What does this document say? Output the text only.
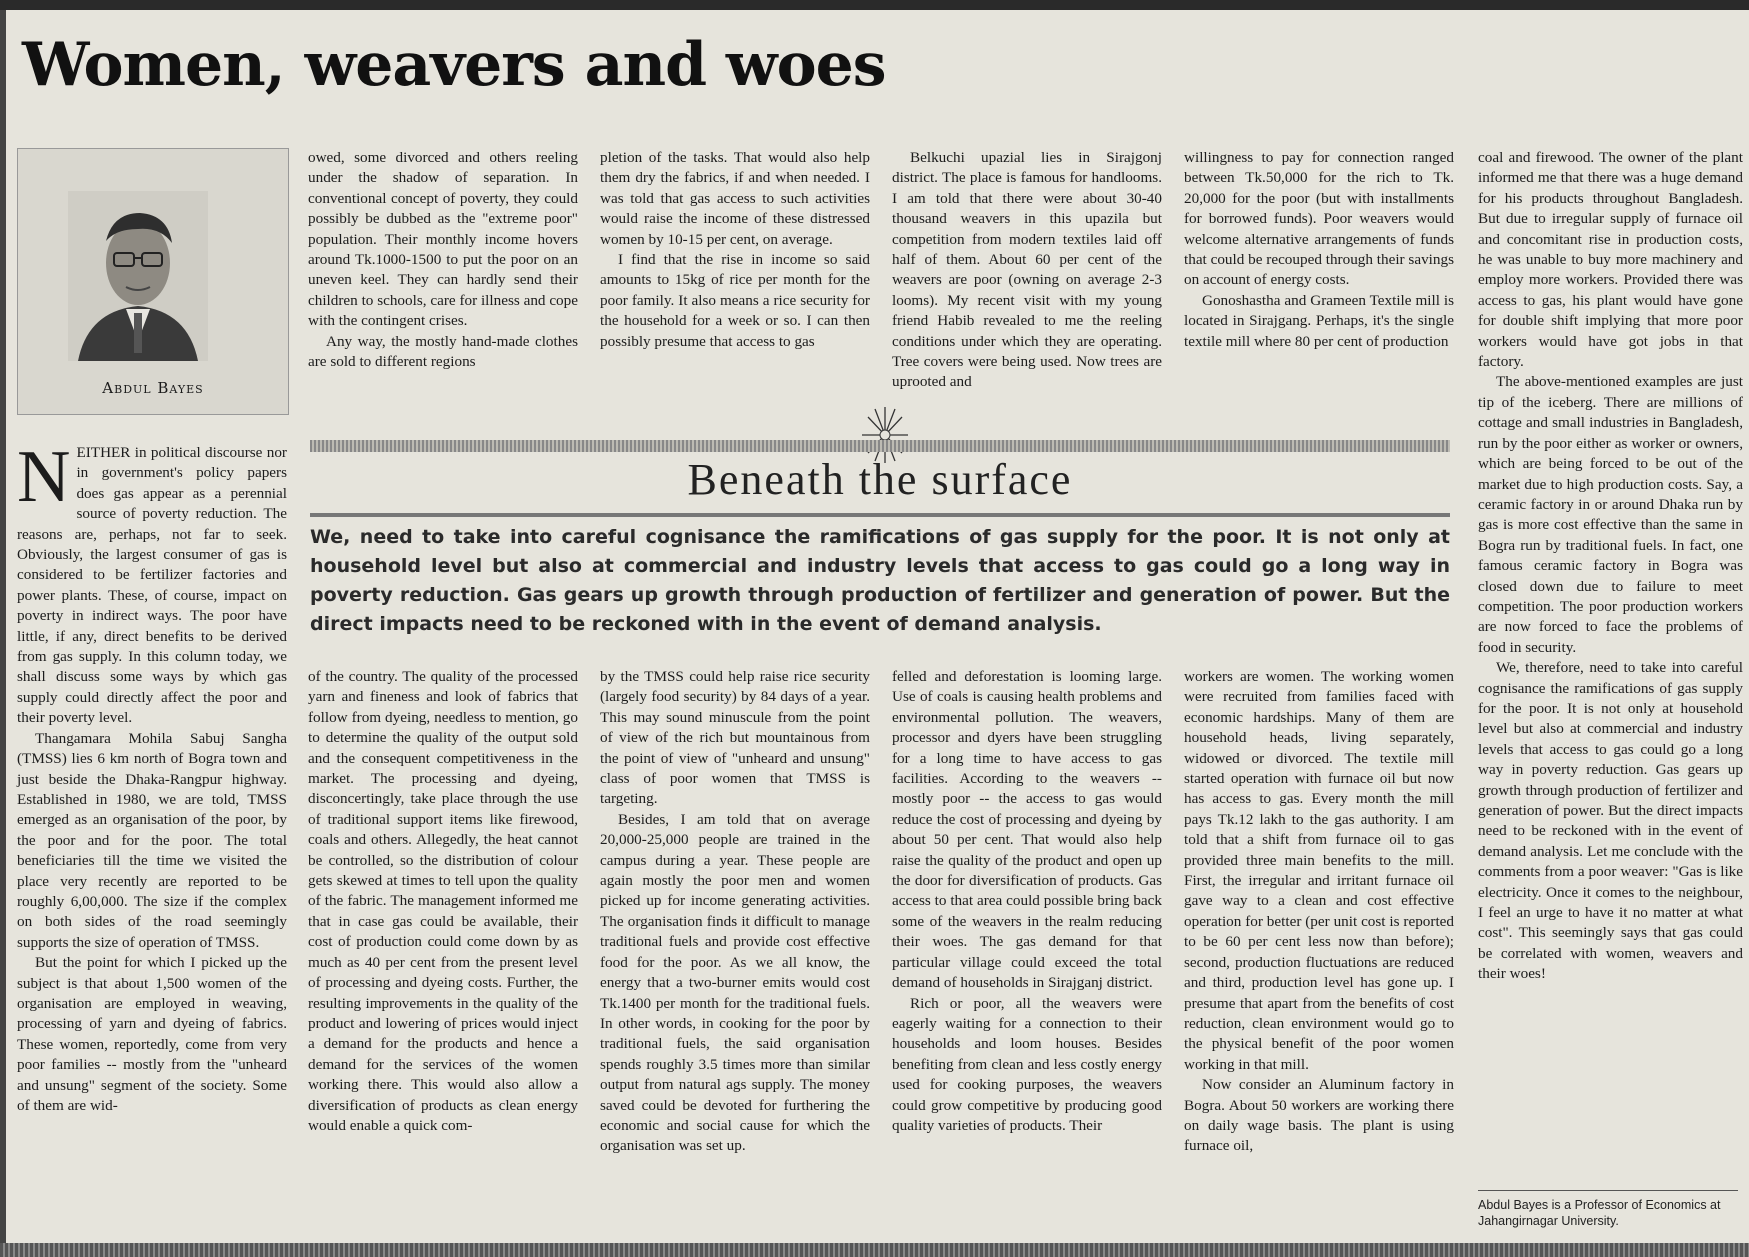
Women, weavers and woes
Abdul Bayes

NEITHER in political discourse nor in government's policy papers does gas appear as a perennial source of poverty reduction. The reasons are, perhaps, not far to seek. Obviously, the largest consumer of gas is considered to be fertilizer factories and power plants. These, of course, impact on poverty in indirect ways. The poor have little, if any, direct benefits to be derived from gas supply. In this column today, we shall discuss some ways by which gas supply could directly affect the poor and their poverty level.

Thangamara Mohila Sabuj Sangha (TMSS) lies 6 km north of Bogra town and just beside the Dhaka-Rangpur highway. Established in 1980, we are told, TMSS emerged as an organisation of the poor, by the poor and for the poor. The total beneficiaries till the time we visited the place very recently are reported to be roughly 6,00,000. The size if the complex on both sides of the road seemingly supports the size of operation of TMSS.

But the point for which I picked up the subject is that about 1,500 women of the organisation are employed in weaving, processing of yarn and dyeing of fabrics. These women, reportedly, come from very poor families -- mostly from the "unheard and unsung" segment of the society. Some of them are wid-

owed, some divorced and others reeling under the shadow of separation. In conventional concept of poverty, they could possibly be dubbed as the "extreme poor" population. Their monthly income hovers around Tk.1000-1500 to put the poor on an uneven keel. They can hardly send their children to schools, care for illness and cope with the contingent crises.

Any way, the mostly hand-made clothes are sold to different regions

pletion of the tasks. That would also help them dry the fabrics, if and when needed. I was told that gas access to such activities would raise the income of these distressed women by 10-15 per cent, on average.

I find that the rise in income so said amounts to 15kg of rice per month for the poor family. It also means a rice security for the household for a week or so. I can then possibly presume that access to gas

Belkuchi upazial lies in Sirajgonj district. The place is famous for handlooms. I am told that there were about 30-40 thousand weavers in this upazila but competition from modern textiles laid off half of them. About 60 per cent of the weavers are poor (owning on average 2-3 looms). My recent visit with my young friend Habib revealed to me the reeling conditions under which they are operating. Tree covers were being used. Now trees are uprooted and

willingness to pay for connection ranged between Tk.50,000 for the rich to Tk. 20,000 for the poor (but with installments for borrowed funds). Poor weavers would welcome alternative arrangements of funds that could be recouped through their savings on account of energy costs.

Gonoshastha and Grameen Textile mill is located in Sirajgang. Perhaps, it's the single textile mill where 80 per cent of production

Beneath the surface
We, need to take into careful cognisance the ramifications of gas supply for the poor. It is not only at household level but also at commercial and industry levels that access to gas could go a long way in poverty reduction. Gas gears up growth through production of fertilizer and generation of power. But the direct impacts need to be reckoned with in the event of demand analysis.

coal and firewood. The owner of the plant informed me that there was a huge demand for his products throughout Bangladesh. But due to irregular supply of furnace oil and concomitant rise in production costs, he was unable to buy more machinery and employ more workers. Provided there was access to gas, his plant would have gone for double shift implying that more poor workers would have got jobs in that factory.

The above-mentioned examples are just tip of the iceberg. There are millions of cottage and small industries in Bangladesh, run by the poor either as worker or owners, which are being forced to be out of the market due to high production costs. Say, a ceramic factory in or around Dhaka run by gas is more cost effective than the same in Bogra run by traditional fuels. In fact, one famous ceramic factory in Bogra was closed down due to failure to meet competition. The poor production workers are now forced to face the problems of food in security.

We, therefore, need to take into careful cognisance the ramifications of gas supply for the poor. It is not only at household level but also at commercial and industry levels that access to gas could go a long way in poverty reduction. Gas gears up growth through production of fertilizer and generation of power. But the direct impacts need to be reckoned with in the event of demand analysis. Let me conclude with the comments from a poor weaver: "Gas is like electricity. Once it comes to the neighbour, I feel an urge to have it no matter at what cost". This seemingly says that gas could be correlated with women, weavers and their woes!

of the country. The quality of the processed yarn and fineness and look of fabrics that follow from dyeing, needless to mention, go to determine the quality of the output sold and the consequent competitiveness in the market. The processing and dyeing, disconcertingly, take place through the use of traditional support items like firewood, coals and others. Allegedly, the heat cannot be controlled, so the distribution of colour gets skewed at times to tell upon the quality of the fabric. The management informed me that in case gas could be available, their cost of production could come down by as much as 40 per cent from the present level of processing and dyeing costs. Further, the resulting improvements in the quality of the product and lowering of prices would inject a demand for the products and hence a demand for the services of the women working there. This would also allow a diversification of products as clean energy would enable a quick com-

by the TMSS could help raise rice security (largely food security) by 84 days of a year. This may sound minuscule from the point of view of the rich but mountainous from the point of view of "unheard and unsung" class of poor women that TMSS is targeting.

Besides, I am told that on average 20,000-25,000 people are trained in the campus during a year. These people are again mostly the poor men and women picked up for income generating activities. The organisation finds it difficult to manage traditional fuels and provide cost effective food for the poor. As we all know, the energy that a two-burner emits would cost Tk.1400 per month for the traditional fuels. In other words, in cooking for the poor by traditional fuels, the said organisation spends roughly 3.5 times more than similar output from natural ags supply. The money saved could be devoted for furthering the economic and social cause for which the organisation was set up.

felled and deforestation is looming large. Use of coals is causing health problems and environmental pollution. The weavers, processor and dyers have been struggling for a long time to have access to gas facilities. According to the weavers -- mostly poor -- the access to gas would reduce the cost of processing and dyeing by about 50 per cent. That would also help raise the quality of the product and open up the door for diversification of products. Gas access to that area could possible bring back some of the weavers in the realm reducing their woes. The gas demand for that particular village could exceed the total demand of households in Sirajganj district.

Rich or poor, all the weavers were eagerly waiting for a connection to their households and loom houses. Besides benefiting from clean and less costly energy used for cooking purposes, the weavers could grow competitive by producing good quality varieties of products. Their

workers are women. The working women were recruited from families faced with economic hardships. Many of them are household heads, living separately, widowed or divorced. The textile mill started operation with furnace oil but now has access to gas. Every month the mill pays Tk.12 lakh to the gas authority. I am told that a shift from furnace oil to gas provided three main benefits to the mill. First, the irregular and irritant furnace oil gave way to a clean and cost effective operation for better (per unit cost is reported to be 60 per cent less now than before); second, production fluctuations are reduced and third, production level has gone up. I presume that apart from the benefits of cost reduction, clean environment would go to the physical benefit of the poor women working in that mill.

Now consider an Aluminum factory in Bogra. About 50 workers are working there on daily wage basis. The plant is using furnace oil,

Abdul Bayes is a Professor of Economics at Jahangirnagar University.
